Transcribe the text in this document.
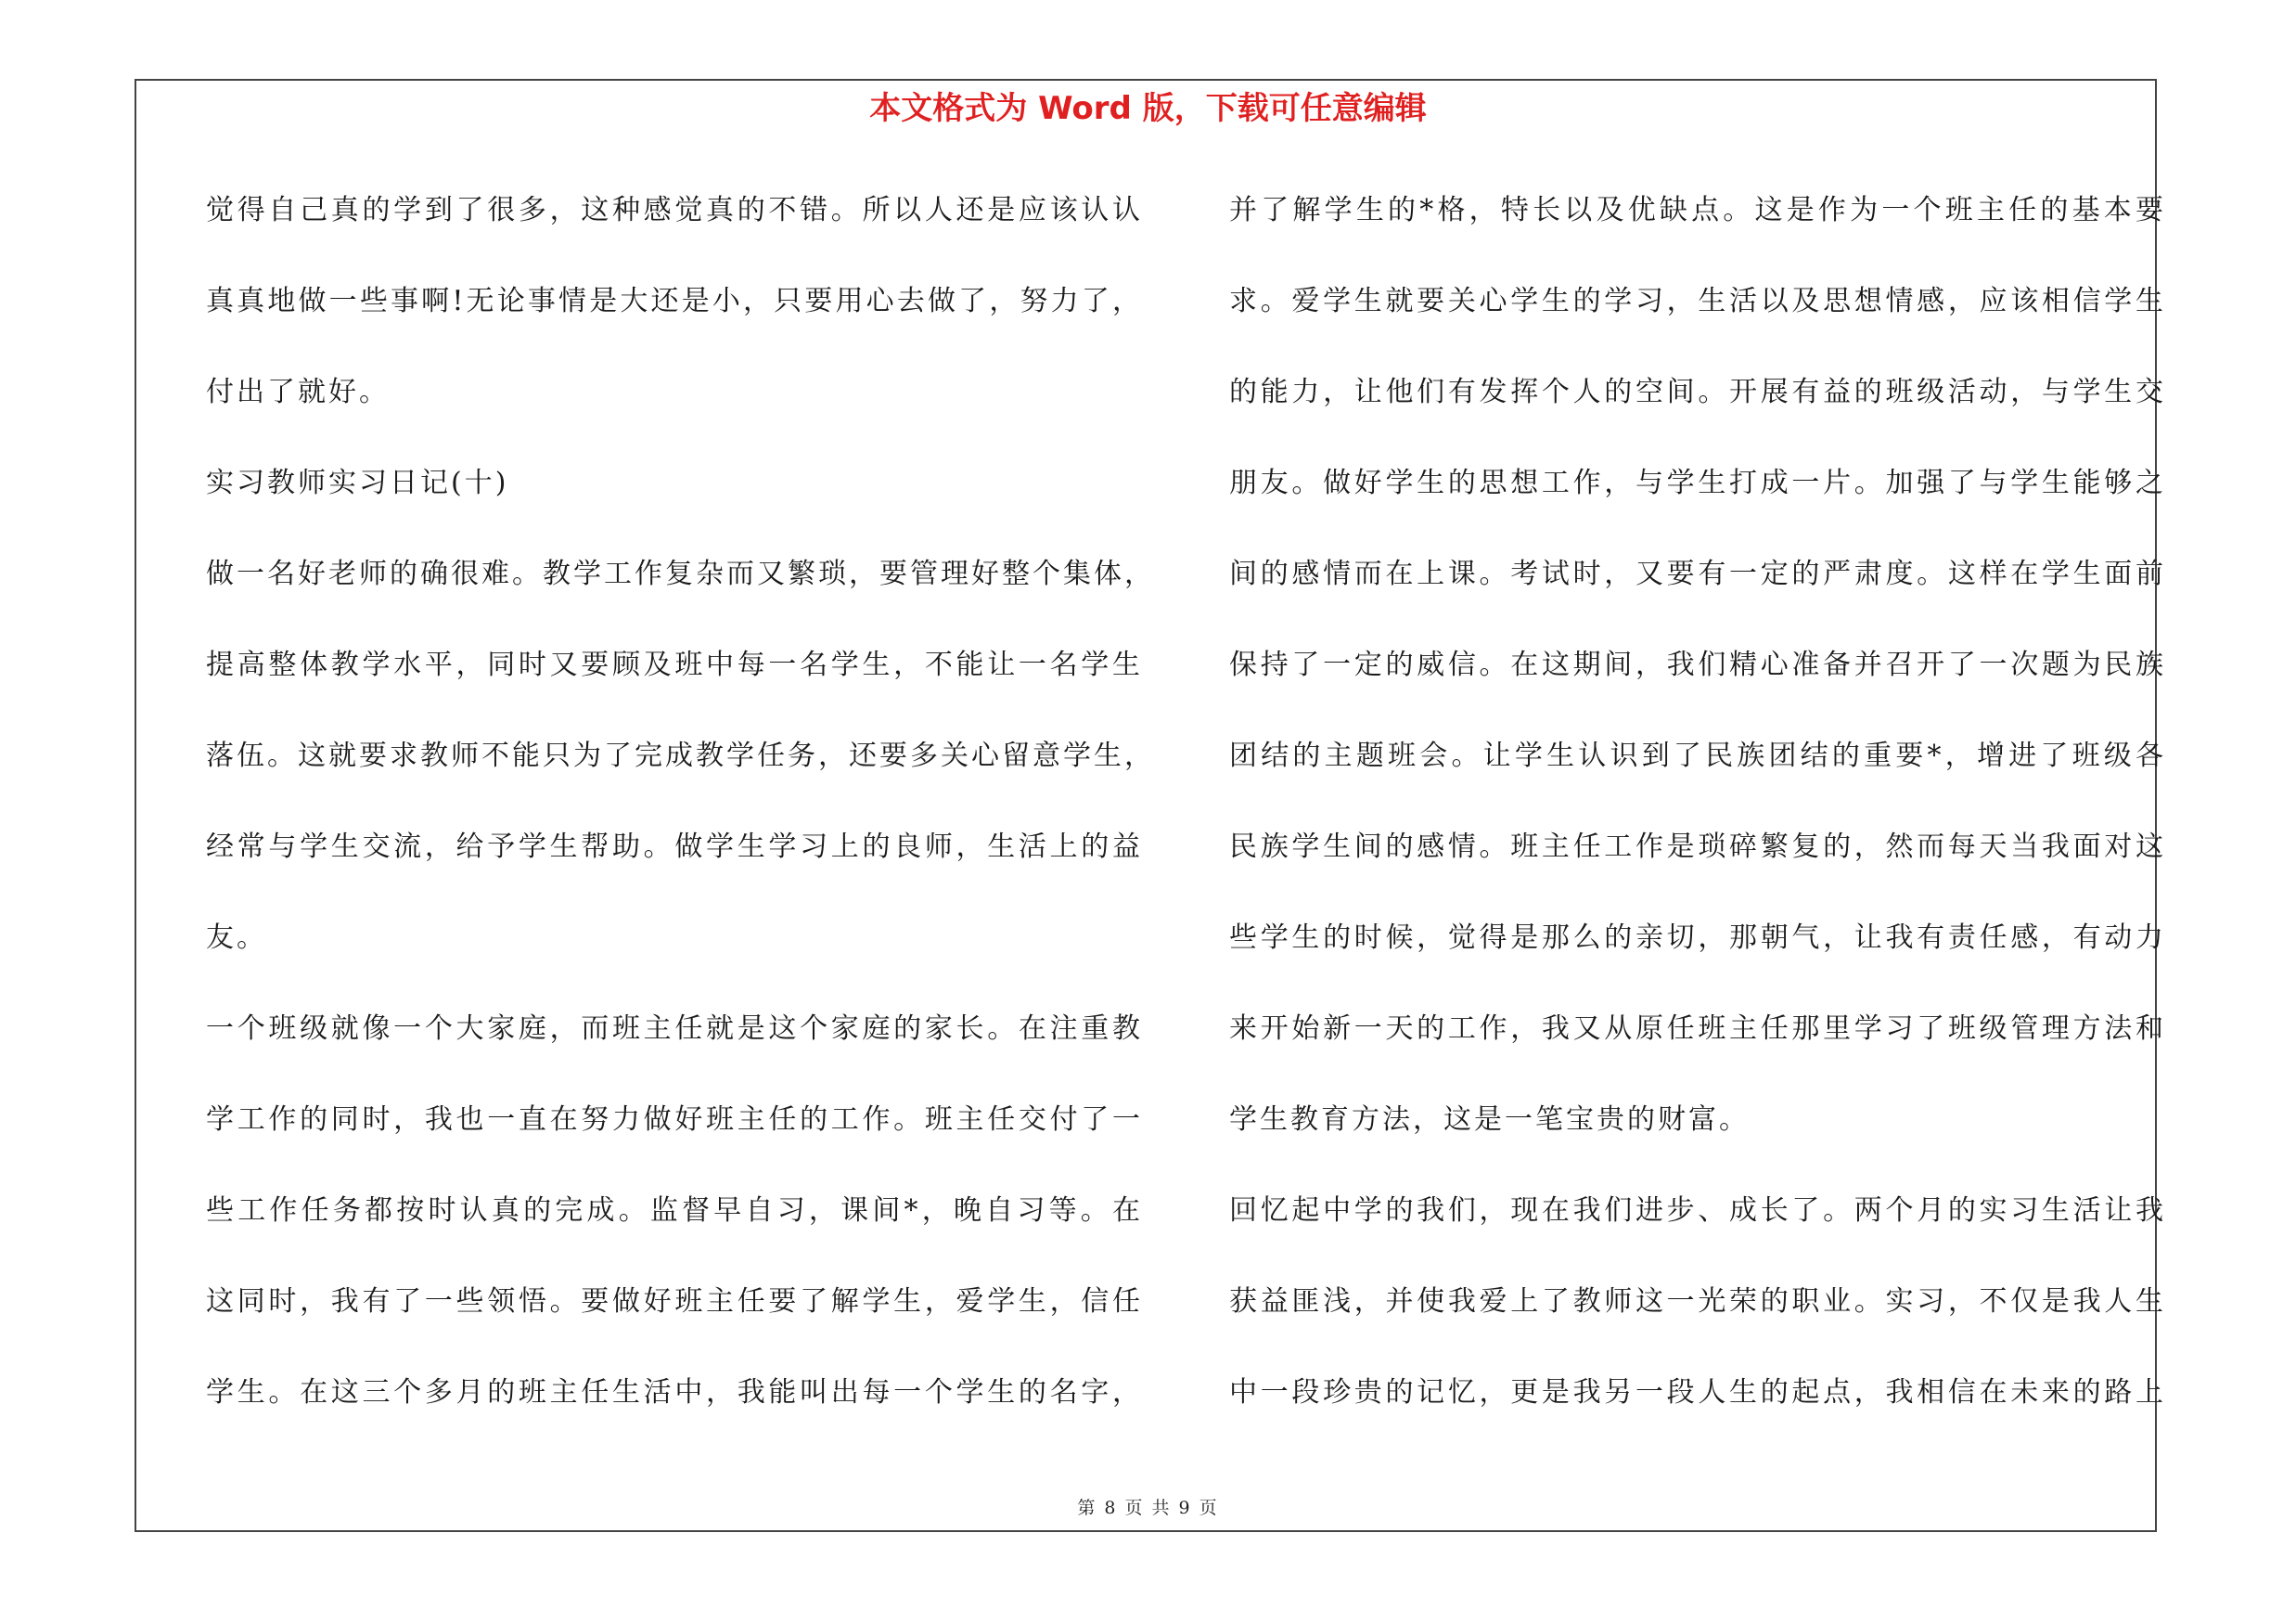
本文格式为 Word 版，下载可任意编辑
觉得自己真的学到了很多，这种感觉真的不错。所以人还是应该认认
真真地做一些事啊!无论事情是大还是小，只要用心去做了，努力了，
付出了就好。
实习教师实习日记(十)
做一名好老师的确很难。教学工作复杂而又繁琐，要管理好整个集体，
提高整体教学水平，同时又要顾及班中每一名学生，不能让一名学生
落伍。这就要求教师不能只为了完成教学任务，还要多关心留意学生，
经常与学生交流，给予学生帮助。做学生学习上的良师，生活上的益
友。
一个班级就像一个大家庭，而班主任就是这个家庭的家长。在注重教
学工作的同时，我也一直在努力做好班主任的工作。班主任交付了一
些工作任务都按时认真的完成。监督早自习，课间*，晚自习等。在
这同时，我有了一些领悟。要做好班主任要了解学生，爱学生，信任
学生。在这三个多月的班主任生活中，我能叫出每一个学生的名字，
并了解学生的*格，特长以及优缺点。这是作为一个班主任的基本要
求。爱学生就要关心学生的学习，生活以及思想情感，应该相信学生
的能力，让他们有发挥个人的空间。开展有益的班级活动，与学生交
朋友。做好学生的思想工作，与学生打成一片。加强了与学生能够之
间的感情而在上课。考试时，又要有一定的严肃度。这样在学生面前
保持了一定的威信。在这期间，我们精心准备并召开了一次题为民族
团结的主题班会。让学生认识到了民族团结的重要*，增进了班级各
民族学生间的感情。班主任工作是琐碎繁复的，然而每天当我面对这
些学生的时候，觉得是那么的亲切，那朝气，让我有责任感，有动力
来开始新一天的工作，我又从原任班主任那里学习了班级管理方法和
学生教育方法，这是一笔宝贵的财富。
回忆起中学的我们，现在我们进步、成长了。两个月的实习生活让我
获益匪浅，并使我爱上了教师这一光荣的职业。实习，不仅是我人生
中一段珍贵的记忆，更是我另一段人生的起点，我相信在未来的路上
第 8 页 共 9 页
